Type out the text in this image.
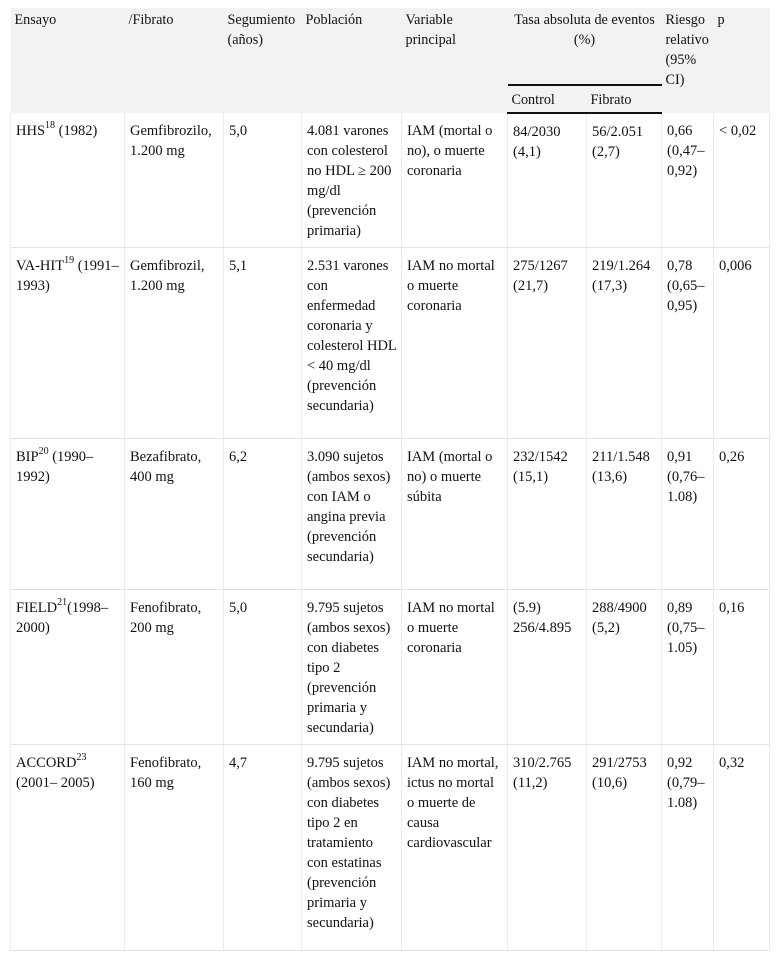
Ensayo	/Fibrato	Segumiento (años)	Población	Variable principal	Tasa absoluta de eventos (%)		Riesgo relativo (95% CI)	p
					Control	Fibrato		
HHS$^{18}$ (1982)	Gemfibrozilo, 1.200 mg	5,0	4.081 varones con colesterol no HDL ≥ 200 mg/dl (prevención primaria)	IAM (mortal o no), o muerte coronaria	84/2030 (4,1)	56/2.051 (2,7)	0,66 (0,47–0,92)	< 0,02
VA-HIT$^{19}$ (1991– 1993)	Gemfibrozil, 1.200 mg	5,1	2.531 varones con enfermedad coronaria y colesterol HDL < 40 mg/dl (prevención secundaria)	IAM no mortal o muerte coronaria	275/1267 (21,7)	219/1.264 (17,3)	0,78 (0,65–0,95)	0,006
BIP$^{20}$ (1990–1992)	Bezafibrato, 400 mg	6,2	3.090 sujetos (ambos sexos) con IAM o angina previa (prevención secundaria)	IAM (mortal o no) o muerte súbita	232/1542 (15,1)	211/1.548 (13,6)	0,91 (0,76–1.08)	0,26
FIELD$^{21}$(1998–2000)	Fenofibrato, 200 mg	5,0	9.795 sujetos (ambos sexos) con diabetes tipo 2 (prevención primaria y secundaria)	IAM no mortal o muerte coronaria	(5.9) 256/4.895	288/4900 (5,2)	0,89 (0,75–1.05)	0,16
ACCORD$^{23}$ (2001– 2005)	Fenofibrato, 160 mg	4,7	9.795 sujetos (ambos sexos) con diabetes tipo 2 en tratamiento con estatinas (prevención primaria y secundaria)	IAM no mortal, ictus no mortal o muerte de causa cardiovascular	310/2.765 (11,2)	291/2753 (10,6)	0,92 (0,79–1.08)	0,32
